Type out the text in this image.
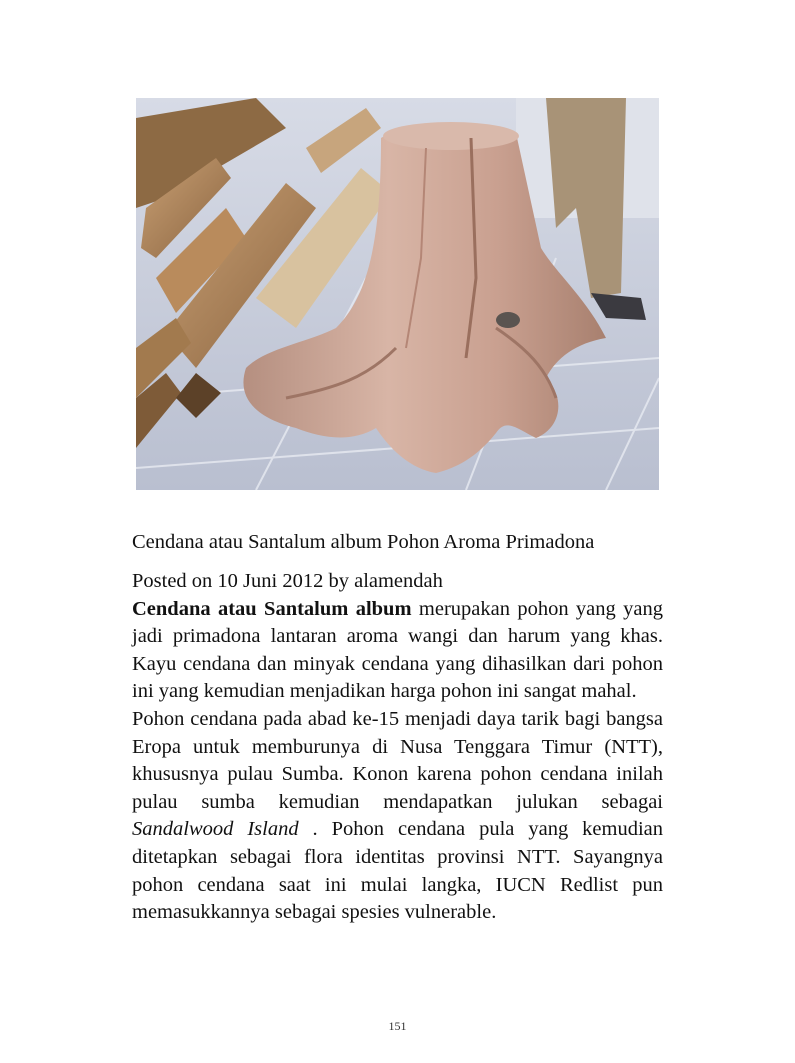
Cendana atau Santalum album Pohon Aroma Primadona

Posted on 10 Juni 2012 by alamendah

Cendana atau Santalum album merupakan pohon yang yang jadi primadona lantaran aroma wangi dan harum yang khas. Kayu cendana dan minyak cendana yang dihasilkan dari pohon ini yang kemudian menjadikan harga pohon ini sangat mahal.

Pohon cendana pada abad ke-15 menjadi daya tarik bagi bangsa Eropa untuk memburunya di Nusa Tenggara Timur (NTT), khususnya pulau Sumba. Konon karena pohon cendana inilah pulau sumba kemudian mendapatkan julukan sebagai Sandalwood Island . Pohon cendana pula yang kemudian ditetapkan sebagai flora identitas provinsi NTT. Sayangnya pohon cendana saat ini mulai langka, IUCN Redlist pun memasukkannya sebagai spesies vulnerable.

151
